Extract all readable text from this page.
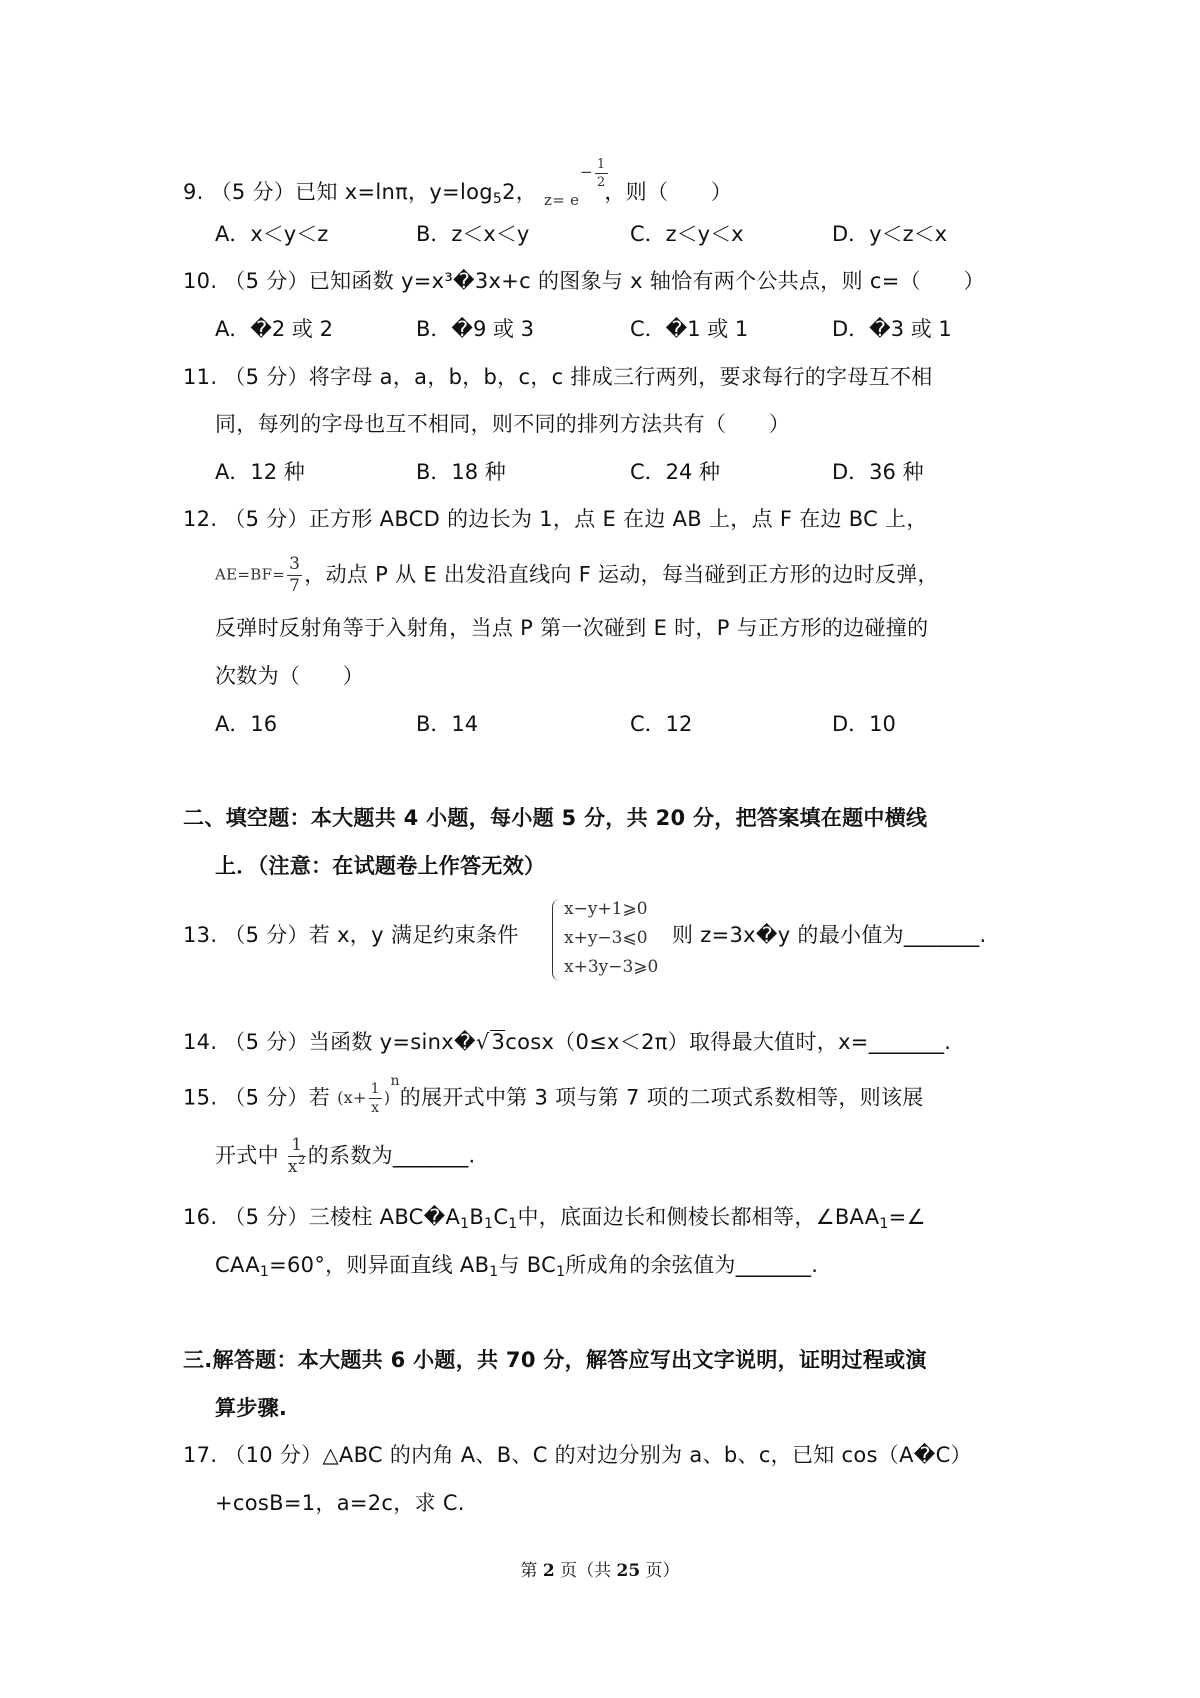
9. （5 分）已知 x=lnπ，$y=\log_52$， z= e
− $\frac{1}{2}$
，则（　　）
A．x＜y＜z	B．z＜x＜y	C．z＜y＜x	D．y＜z＜x
10. （5 分）已知函数 y=x³�3x+c 的图象与 x 轴恰有两个公共点，则 c=（　　）
A．�2 或 2	B．�9 或 3	C．�1 或 1	D．�3 或 1
11. （5 分）将字母 a，a，b，b，c，c 排成三行两列，要求每行的字母互不相
同，每列的字母也互不相同，则不同的排列方法共有（　　）
A．12 种	B．18 种	C．24 种	D．36 种
12. （5 分）正方形 ABCD 的边长为 1，点 E 在边 AB 上，点 F 在边 BC 上，
$AE=BF= \frac{3}{7}$ ，动点 P 从 E 出发沿直线向 F 运动，每当碰到正方形的边时反弹，
反弹时反射角等于入射角，当点 P 第一次碰到 E 时，P 与正方形的边碰撞的
次数为（　　）
A．16	B．14	C．12	D．10
二、填空题：本大题共 4 小题，每小题 5 分，共 20 分，把答案填在题中横线
上．（注意：在试题卷上作答无效）
13. （5 分）若 x，y 满足约束条件
x−y+1⩾0
x+y−3⩽0
x+3y−3⩾0
则 z=3x�y 的最小值为_______.
14. （5 分）当函数 y=sinx�√3cosx（0≤x＜2π）取得最大值时，x=_______.
15. （5 分）若 $(x+ \frac{1}{x} )n$的展开式中第 3 项与第 7 项的二项式系数相等，则该展
开式中 $\frac{1}{x^2}$ 的系数为_______.
16. （5 分）三棱柱 $ABC�A_1B_1C_1$中，底面边长和侧棱长都相等，$\angle BAA_1=\angle$
$CAA_1=60^\circ$，则异面直线 $AB_1$与 $BC_1$所成角的余弦值为_______.
三.解答题：本大题共 6 小题，共 70 分，解答应写出文字说明，证明过程或演
算步骤.
17. （10 分）△ABC 的内角 A、B、C 的对边分别为 a、b、c，已知 cos（A�C）
+cosB=1，a=2c，求 C.
第 2 页（共 25 页）
